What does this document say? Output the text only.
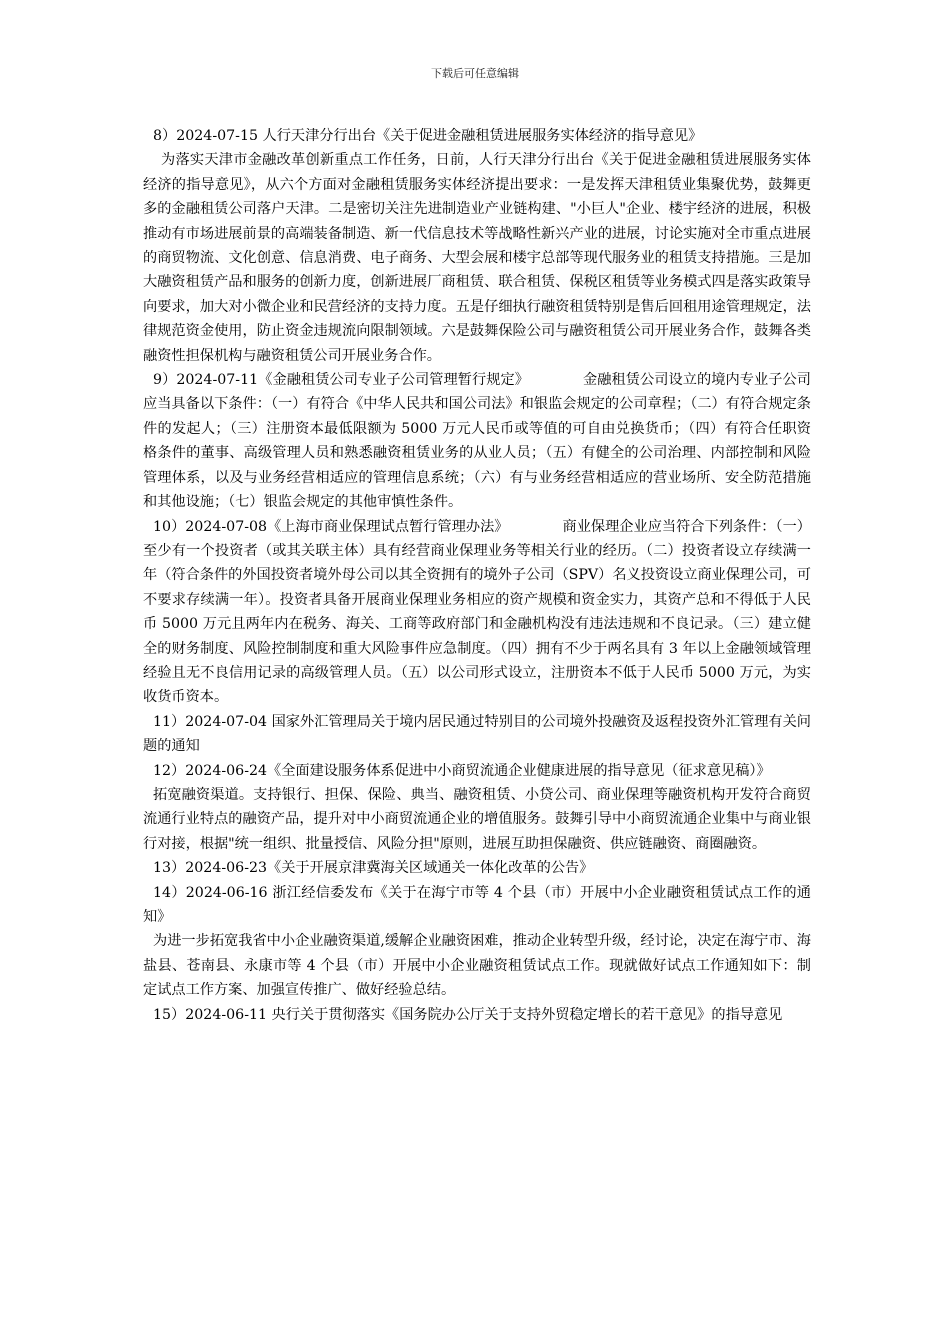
下载后可任意编辑

8）2024-07-15 人行天津分行出台《关于促进金融租赁进展服务实体经济的指导意见》

为落实天津市金融改革创新重点工作任务，日前，人行天津分行出台《关于促进金融租赁进展服务实体经济的指导意见》，从六个方面对金融租赁服务实体经济提出要求：一是发挥天津租赁业集聚优势，鼓舞更多的金融租赁公司落户天津。二是密切关注先进制造业产业链构建、"小巨人"企业、楼宇经济的进展，积极推动有市场进展前景的高端装备制造、新一代信息技术等战略性新兴产业的进展，讨论实施对全市重点进展的商贸物流、文化创意、信息消费、电子商务、大型会展和楼宇总部等现代服务业的租赁支持措施。三是加大融资租赁产品和服务的创新力度，创新进展厂商租赁、联合租赁、保税区租赁等业务模式四是落实政策导向要求，加大对小微企业和民营经济的支持力度。五是仔细执行融资租赁特别是售后回租用途管理规定，法律规范资金使用，防止资金违规流向限制领域。六是鼓舞保险公司与融资租赁公司开展业务合作，鼓舞各类融资性担保机构与融资租赁公司开展业务合作。

9）2024-07-11《金融租赁公司专业子公司管理暂行规定》	金融租赁公司设立的境内专业子公司应当具备以下条件：（一）有符合《中华人民共和国公司法》和银监会规定的公司章程；（二）有符合规定条件的发起人；（三）注册资本最低限额为 5000 万元人民币或等值的可自由兑换货币；（四）有符合任职资格条件的董事、高级管理人员和熟悉融资租赁业务的从业人员；（五）有健全的公司治理、内部控制和风险管理体系，以及与业务经营相适应的管理信息系统；（六）有与业务经营相适应的营业场所、安全防范措施和其他设施；（七）银监会规定的其他审慎性条件。

10）2024-07-08《上海市商业保理试点暂行管理办法》	商业保理企业应当符合下列条件：（一）至少有一个投资者（或其关联主体）具有经营商业保理业务等相关行业的经历。（二）投资者设立存续满一年（符合条件的外国投资者境外母公司以其全资拥有的境外子公司（SPV）名义投资设立商业保理公司，可不要求存续满一年）。投资者具备开展商业保理业务相应的资产规模和资金实力，其资产总和不得低于人民币 5000 万元且两年内在税务、海关、工商等政府部门和金融机构没有违法违规和不良记录。（三）建立健全的财务制度、风险控制制度和重大风险事件应急制度。（四）拥有不少于两名具有 3 年以上金融领域管理经验且无不良信用记录的高级管理人员。（五）以公司形式设立，注册资本不低于人民币 5000 万元，为实收货币资本。

11）2024-07-04 国家外汇管理局关于境内居民通过特别目的公司境外投融资及返程投资外汇管理有关问题的通知

12）2024-06-24《全面建设服务体系促进中小商贸流通企业健康进展的指导意见（征求意见稿）》

拓宽融资渠道。支持银行、担保、保险、典当、融资租赁、小贷公司、商业保理等融资机构开发符合商贸流通行业特点的融资产品，提升对中小商贸流通企业的增值服务。鼓舞引导中小商贸流通企业集中与商业银行对接，根据"统一组织、批量授信、风险分担"原则，进展互助担保融资、供应链融资、商圈融资。

13）2024-06-23《关于开展京津冀海关区域通关一体化改革的公告》

14）2024-06-16 浙江经信委发布《关于在海宁市等 4 个县（市）开展中小企业融资租赁试点工作的通知》

为进一步拓宽我省中小企业融资渠道,缓解企业融资困难，推动企业转型升级，经讨论，决定在海宁市、海盐县、苍南县、永康市等 4 个县（市）开展中小企业融资租赁试点工作。现就做好试点工作通知如下：制定试点工作方案、加强宣传推广、做好经验总结。

15）2024-06-11 央行关于贯彻落实《国务院办公厅关于支持外贸稳定增长的若干意见》的指导意见
